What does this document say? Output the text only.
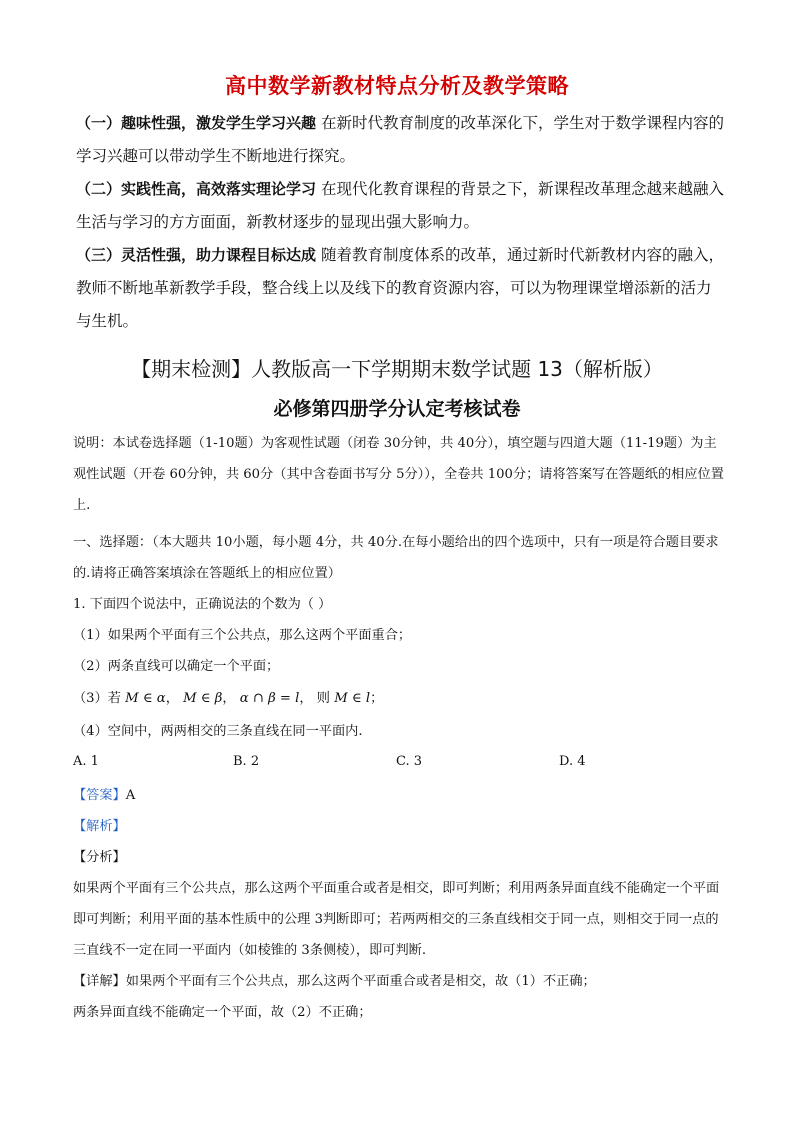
高中数学新教材特点分析及教学策略

（一）趣味性强，激发学生学习兴趣 在新时代教育制度的改革深化下，学生对于数学课程内容的学习兴趣可以带动学生不断地进行探究。

（二）实践性高，高效落实理论学习 在现代化教育课程的背景之下，新课程改革理念越来越融入生活与学习的方方面面，新教材逐步的显现出强大影响力。

（三）灵活性强，助力课程目标达成 随着教育制度体系的改革，通过新时代新教材内容的融入，教师不断地革新教学手段，整合线上以及线下的教育资源内容，可以为物理课堂增添新的活力与生机。

【期末检测】人教版高一下学期期末数学试题 13（解析版）
必修第四册学分认定考核试卷

说明：本试卷选择题（1-10题）为客观性试题（闭卷 30分钟，共 40分），填空题与四道大题（11-19题）为主观性试题（开卷 60分钟，共 60分（其中含卷面书写分 5分）），全卷共 100分；请将答案写在答题纸的相应位置上.

一、选择题：（本大题共 10小题，每小题 4分，共 40分.在每小题给出的四个选项中，只有一项是符合题目要求的.请将正确答案填涂在答题纸上的相应位置）

1. 下面四个说法中，正确说法的个数为（ ）

（1）如果两个平面有三个公共点，那么这两个平面重合；

（2）两条直线可以确定一个平面；

（3）若 M ∈ α， M ∈ β， α ∩ β = l， 则 M ∈ l；

（4）空间中，两两相交的三条直线在同一平面内.

A. 1	B. 2	C. 3	D. 4

【答案】A

【解析】

【分析】

如果两个平面有三个公共点，那么这两个平面重合或者是相交，即可判断；利用两条异面直线不能确定一个平面即可判断；利用平面的基本性质中的公理 3判断即可；若两两相交的三条直线相交于同一点，则相交于同一点的三直线不一定在同一平面内（如棱锥的 3条侧棱），即可判断.

【详解】如果两个平面有三个公共点，那么这两个平面重合或者是相交，故（1）不正确；

两条异面直线不能确定一个平面，故（2）不正确；
